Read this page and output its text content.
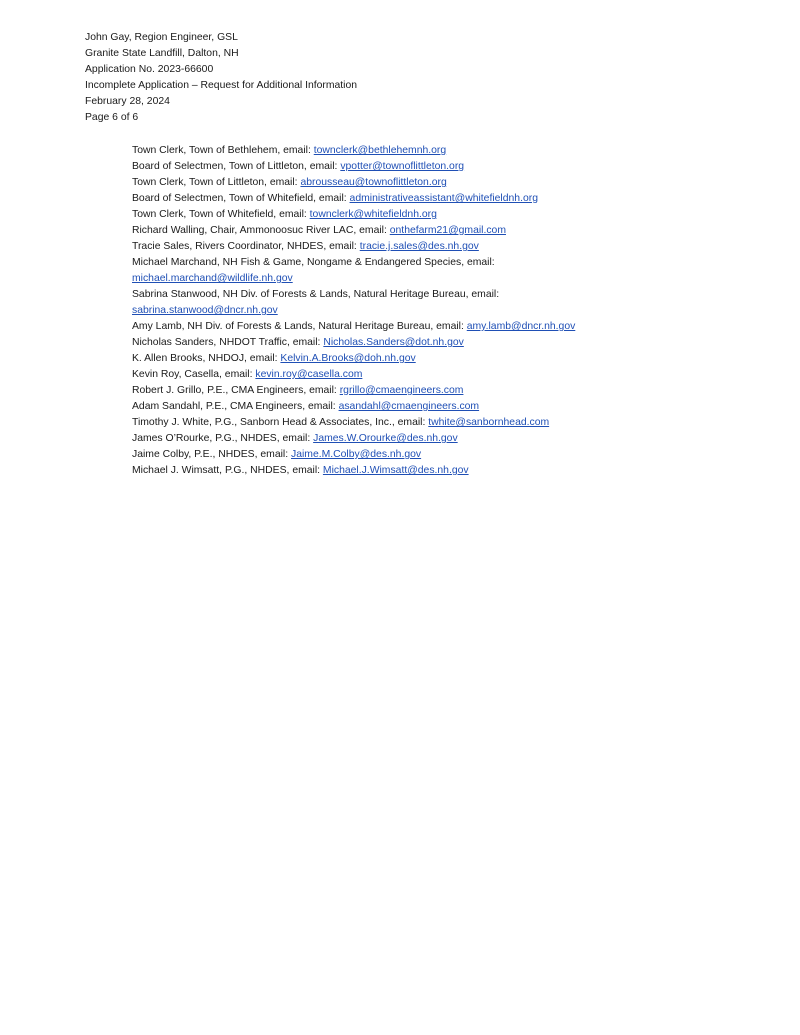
John Gay, Region Engineer, GSL
Granite State Landfill, Dalton, NH
Application No. 2023-66600
Incomplete Application – Request for Additional Information
February 28, 2024
Page 6 of 6
Town Clerk, Town of Bethlehem, email: townclerk@bethlehemnh.org
Board of Selectmen, Town of Littleton, email: vpotter@townoflittleton.org
Town Clerk, Town of Littleton, email: abrousseau@townoflittleton.org
Board of Selectmen, Town of Whitefield, email: administrativeassistant@whitefieldnh.org
Town Clerk, Town of Whitefield, email: townclerk@whitefieldnh.org
Richard Walling, Chair, Ammonoosuc River LAC, email: onthefarm21@gmail.com
Tracie Sales, Rivers Coordinator, NHDES, email: tracie.j.sales@des.nh.gov
Michael Marchand, NH Fish & Game, Nongame & Endangered Species, email:
michael.marchand@wildlife.nh.gov
Sabrina Stanwood, NH Div. of Forests & Lands, Natural Heritage Bureau, email:
sabrina.stanwood@dncr.nh.gov
Amy Lamb, NH Div. of Forests & Lands, Natural Heritage Bureau, email: amy.lamb@dncr.nh.gov
Nicholas Sanders, NHDOT Traffic, email: Nicholas.Sanders@dot.nh.gov
K. Allen Brooks, NHDOJ, email: Kelvin.A.Brooks@doh.nh.gov
Kevin Roy, Casella, email: kevin.roy@casella.com
Robert J. Grillo, P.E., CMA Engineers, email: rgrillo@cmaengineers.com
Adam Sandahl, P.E., CMA Engineers, email: asandahl@cmaengineers.com
Timothy J. White, P.G., Sanborn Head & Associates, Inc., email: twhite@sanbornhead.com
James O’Rourke, P.G., NHDES, email: James.W.Orourke@des.nh.gov
Jaime Colby, P.E., NHDES, email: Jaime.M.Colby@des.nh.gov
Michael J. Wimsatt, P.G., NHDES, email: Michael.J.Wimsatt@des.nh.gov
